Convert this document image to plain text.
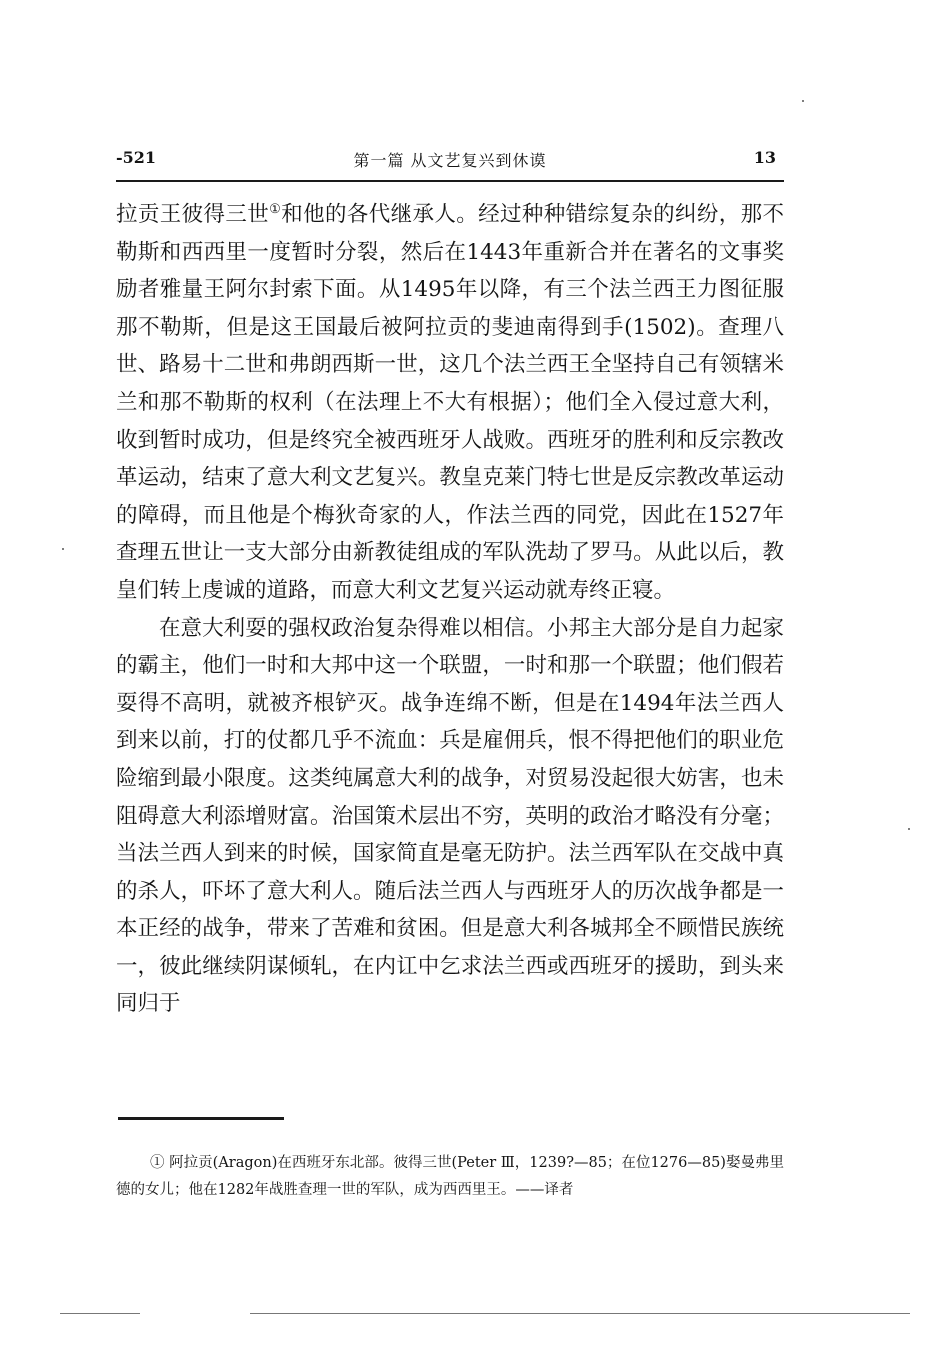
-521	第一篇 从文艺复兴到休谟	13

拉贡王彼得三世①和他的各代继承人。经过种种错综复杂的纠纷，那不勒斯和西西里一度暂时分裂，然后在1443年重新合并在著名的文事奖励者雅量王阿尔封索下面。从1495年以降，有三个法兰西王力图征服那不勒斯，但是这王国最后被阿拉贡的斐迪南得到手(1502)。查理八世、路易十二世和弗朗西斯一世，这几个法兰西王全坚持自己有领辖米兰和那不勒斯的权利（在法理上不大有根据）；他们全入侵过意大利，收到暂时成功，但是终究全被西班牙人战败。西班牙的胜利和反宗教改革运动，结束了意大利文艺复兴。教皇克莱门特七世是反宗教改革运动的障碍，而且他是个梅狄奇家的人，作法兰西的同党，因此在1527年查理五世让一支大部分由新教徒组成的军队洗劫了罗马。从此以后，教皇们转上虔诚的道路，而意大利文艺复兴运动就寿终正寝。

在意大利耍的强权政治复杂得难以相信。小邦主大部分是自力起家的霸主，他们一时和大邦中这一个联盟，一时和那一个联盟；他们假若耍得不高明，就被齐根铲灭。战争连绵不断，但是在1494年法兰西人到来以前，打的仗都几乎不流血：兵是雇佣兵，恨不得把他们的职业危险缩到最小限度。这类纯属意大利的战争，对贸易没起很大妨害，也未阻碍意大利添增财富。治国策术层出不穷，英明的政治才略没有分毫；当法兰西人到来的时候，国家简直是毫无防护。法兰西军队在交战中真的杀人，吓坏了意大利人。随后法兰西人与西班牙人的历次战争都是一本正经的战争，带来了苦难和贫困。但是意大利各城邦全不顾惜民族统一，彼此继续阴谋倾轧，在内讧中乞求法兰西或西班牙的援助，到头来同归于

① 阿拉贡(Aragon)在西班牙东北部。彼得三世(Peter Ⅲ，1239?—85；在位1276—85)娶曼弗里德的女儿；他在1282年战胜查理一世的军队，成为西西里王。——译者
